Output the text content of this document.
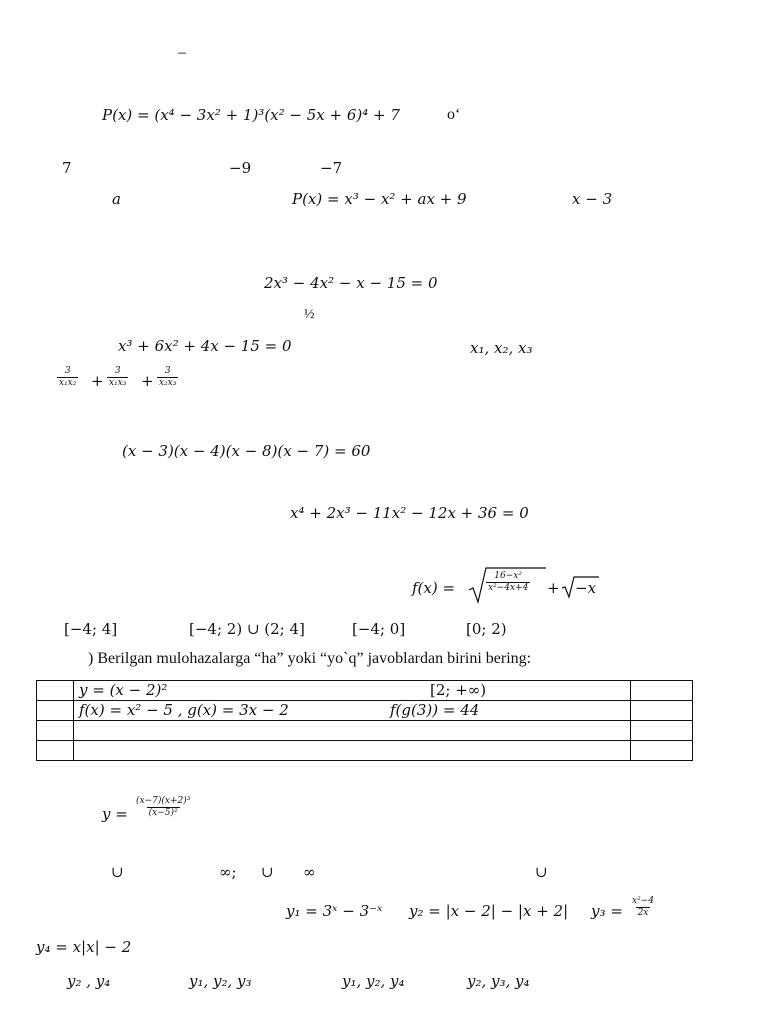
–
P(x) = (x⁴ − 3x² + 1)³(x² − 5x + 6)⁴ + 7	o‘
7	−9	−7
a	P(x) = x³ − x² + ax + 9	x − 3
2x³ − 4x² − x − 15 = 0
½
x³ + 6x² + 4x − 15 = 0	x₁, x₂, x₃
$\frac{3}{\text{x₁x₂}} + \frac{3}{\text{x₁x₃}} + \frac{3}{\text{x₂x₃}}$
(x − 3)(x − 4)(x − 8)(x − 7) = 60
x⁴ + 2x³ − 11x² − 12x + 36 = 0
f(x) =	$\frac{\text{16−x²}}{\text{x²−4x+4}} + -x$
[−4; 4]	[−4; 2) ∪ (2; 4]	[−4; 0]	[0; 2)
) Berilgan mulohazalarga “ha” yoki “yo`q” javoblardan birini bering:

	y = (x − 2)² [2; +∞)	

	f(x) = x² − 5 , g(x) = 3x − 2 f(g(3)) = 44	

$y = \frac{\text{(x−7)(x+2)³}}{\text{(x−5)²}}$
∪	∞; ∪ ∞	∪
y₁ = 3ˣ − 3⁻ˣ y₂ = |x − 2| − |x + 2| $y_3 = \frac{\text{x²−4}}{2x}$
y₄ = x|x| − 2
y₂ , y₄	y₁, y₂, y₃	y₁, y₂, y₄	y₂, y₃, y₄
